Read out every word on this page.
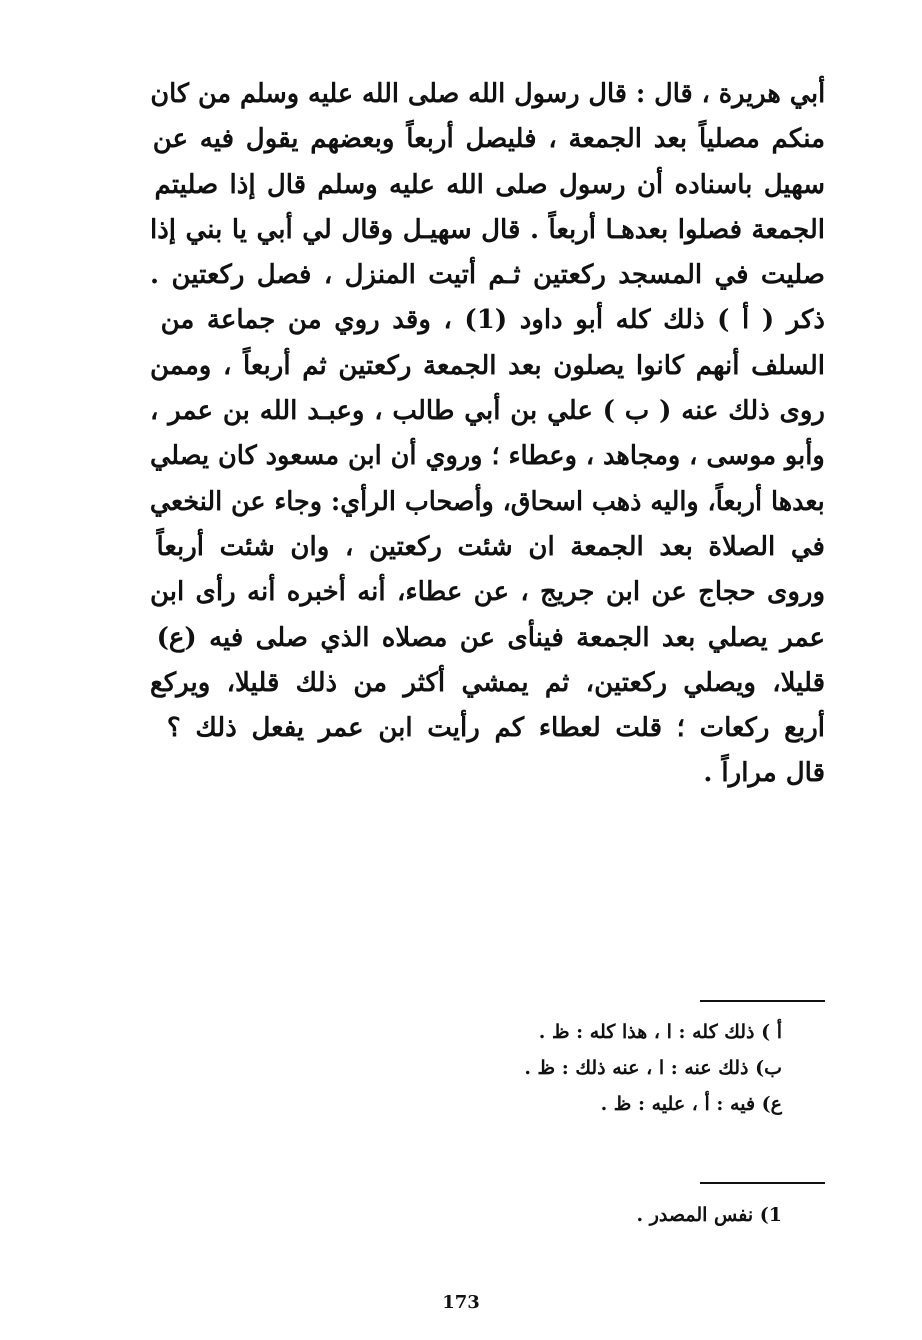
أبي هريرة ، قال : قال رسول الله صلى الله عليه وسلم من كان
منكم مصلياً بعد الجمعة ، فليصل أربعاً وبعضهم يقول فيه عن
سهيل باسناده أن رسول صلى الله عليه وسلم قال إذا صليتم
الجمعة فصلوا بعدهـا أربعاً . قال سهيـل وقال لي أبي يا بني إذا
صليت في المسجد ركعتين ثـم أتيت المنزل ، فصل ركعتين .
ذكر ( أ ) ذلك كله أبو داود (1) ، وقد روي من جماعة من
السلف أنهم كانوا يصلون بعد الجمعة ركعتين ثم أربعاً ، وممن
روى ذلك عنه ( ب ) علي بن أبي طالب ، وعبـد الله بن عمر ،
وأبو موسى ، ومجاهد ، وعطاء ؛ وروي أن ابن مسعود كان يصلي
بعدها أربعاً، واليه ذهب اسحاق، وأصحاب الرأي: وجاء عن النخعي
في الصلاة بعد الجمعة ان شئت ركعتين ، وان شئت أربعاً
وروى حجاج عن ابن جريج ، عن عطاء، أنه أخبره أنه رأى ابن
عمر يصلي بعد الجمعة فينأى عن مصلاه الذي صلى فيه (ع)
قليلا، ويصلي ركعتين، ثم يمشي أكثر من ذلك قليلا، ويركع
أربع ركعات ؛ قلت لعطاء كم رأيت ابن عمر يفعل ذلك ؟
قال مراراً .
أ ) ذلك كله : ا ، هذا كله : ظ .
ب) ذلك عنه : ا ، عنه ذلك : ظ .
ع) فيه : أ ، عليه : ظ .
1) نفس المصدر .
173
